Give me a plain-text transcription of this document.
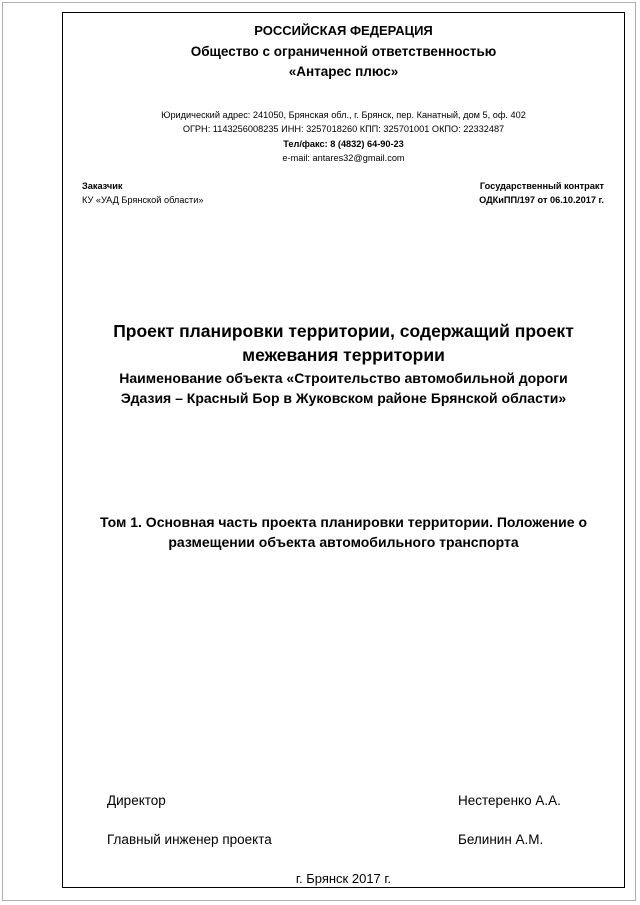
РОССИЙСКАЯ ФЕДЕРАЦИЯ
Общество с ограниченной ответственностью
«Антарес плюс»
Юридический адрес: 241050, Брянская обл., г. Брянск, пер. Канатный, дом 5, оф. 402
ОГРН: 1143256008235 ИНН: 3257018260 КПП: 325701001 ОКПО: 22332487
Тел/факс: 8 (4832) 64-90-23
e-mail: antares32@gmail.com
Заказчик
КУ «УАД Брянской области»
Государственный контракт
ОДКиПП/197 от 06.10.2017 г.
Проект планировки территории, содержащий проект
межевания территории
Наименование объекта «Строительство автомобильной дороги
Эдазия – Красный Бор в Жуковском районе Брянской области»
Том 1. Основная часть проекта планировки территории. Положение о
размещении объекта автомобильного транспорта
Директор	Нестеренко А.А.
Главный инженер проекта	Белинин А.М.
г. Брянск 2017 г.
